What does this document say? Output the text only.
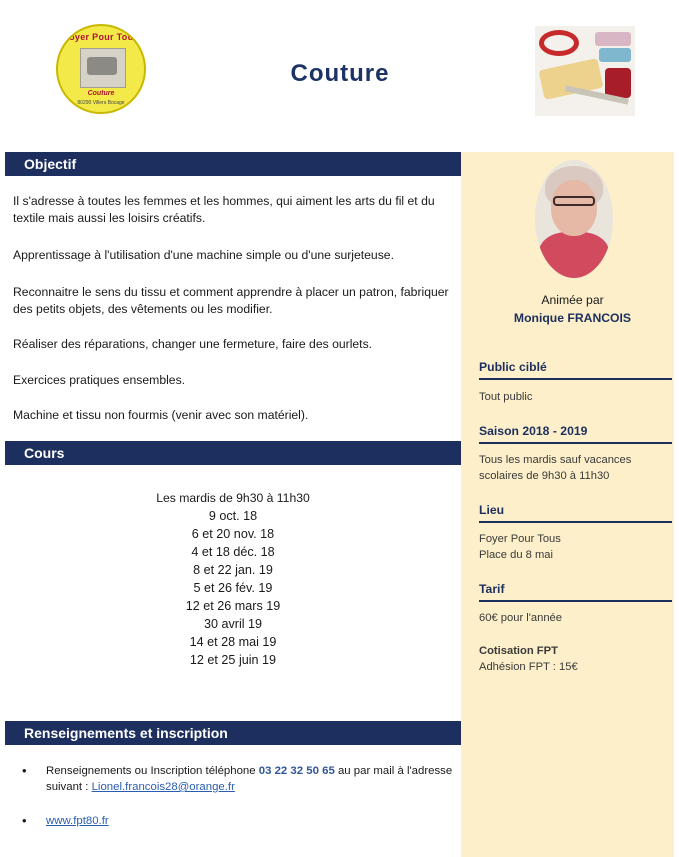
Foyer Pour Tous
Couture
80290 Villers Bocage
Couture
Objectif

Il s'adresse à toutes les femmes et les hommes, qui aiment les arts du fil et du textile mais aussi les loisirs créatifs.

Apprentissage à l'utilisation d'une machine simple ou d'une surjeteuse.

Reconnaitre le sens du tissu et comment apprendre à placer un patron, fabriquer des petits objets, des vêtements ou les modifier.

Réaliser des réparations, changer une fermeture, faire des ourlets.

Exercices pratiques ensembles.

Machine et tissu non fourmis (venir avec son matériel).

Cours
Les mardis de 9h30 à 11h30
9 oct. 18
6 et 20 nov. 18
4 et 18 déc. 18
8 et 22 jan. 19
5 et 26 fév. 19
12 et 26 mars 19
30 avril 19
14 et 28 mai 19
12 et 25 juin 19
Renseignements et inscription
• Renseignements ou Inscription téléphone 03 22 32 50 65 au par mail à l'adresse suivant : Lionel.francois28@orange.fr
• www.fpt80.fr
Animée par
Monique FRANCOIS
Public ciblé
Tout public
Saison 2018 - 2019
Tous les mardis sauf vacances scolaires de 9h30 à 11h30
Lieu
Foyer Pour Tous
Place du 8 mai
Tarif
60€ pour l'année
Cotisation FPT
Adhésion FPT : 15€
